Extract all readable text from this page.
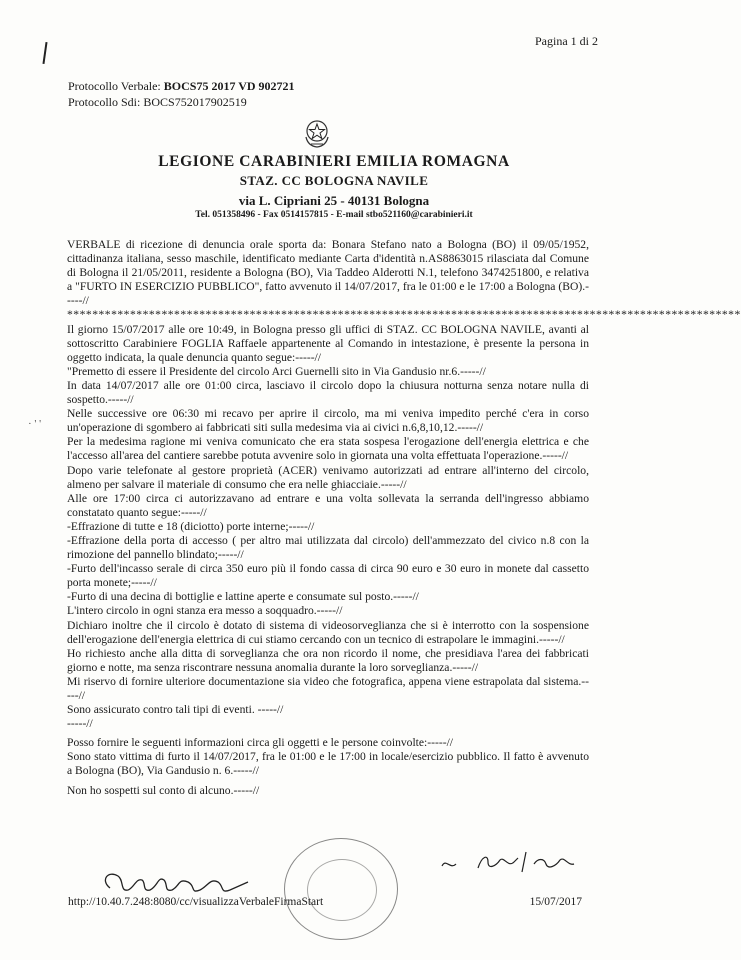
Pagina 1 di 2
Protocollo Verbale: BOCS75 2017 VD 902721
Protocollo Sdi: BOCS752017902519
LEGIONE CARABINIERI EMILIA ROMAGNA
STAZ. CC BOLOGNA NAVILE
via L. Cipriani 25 - 40131 Bologna
Tel. 051358496 - Fax 0514157815 - E-mail stbo521160@carabinieri.it
· ' '

VERBALE di ricezione di denuncia orale sporta da: Bonara Stefano nato a Bologna (BO) il 09/05/1952, cittadinanza italiana, sesso maschile, identificato mediante Carta d'identità n.AS8863015 rilasciata dal Comune di Bologna il 21/05/2011, residente a Bologna (BO), Via Taddeo Alderotti N.1, telefono 3474251800, e relativa a "FURTO IN ESERCIZIO PUBBLICO", fatto avvenuto il 14/07/2017, fra le 01:00 e le 17:00 a Bologna (BO).-----//

***********************************************************************************************************

Il giorno 15/07/2017 alle ore 10:49, in Bologna presso gli uffici di STAZ. CC BOLOGNA NAVILE, avanti al sottoscritto Carabiniere FOGLIA Raffaele appartenente al Comando in intestazione, è presente la persona in oggetto indicata, la quale denuncia quanto segue:-----//

"Premetto di essere il Presidente del circolo Arci Guernelli sito in Via Gandusio nr.6.-----//

In data 14/07/2017 alle ore 01:00 circa, lasciavo il circolo dopo la chiusura notturna senza notare nulla di sospetto.-----//

Nelle successive ore 06:30 mi recavo per aprire il circolo, ma mi veniva impedito perché c'era in corso un'operazione di sgombero ai fabbricati siti sulla medesima via ai civici n.6,8,10,12.-----//

Per la medesima ragione mi veniva comunicato che era stata sospesa l'erogazione dell'energia elettrica e che l'accesso all'area del cantiere sarebbe potuta avvenire solo in giornata una volta effettuata l'operazione.-----//

Dopo varie telefonate al gestore proprietà (ACER) venivamo autorizzati ad entrare all'interno del circolo, almeno per salvare il materiale di consumo che era nelle ghiacciaie.-----//

Alle ore 17:00 circa ci autorizzavano ad entrare e una volta sollevata la serranda dell'ingresso abbiamo constatato quanto segue:-----//

-Effrazione di tutte e 18 (diciotto) porte interne;-----//

-Effrazione della porta di accesso ( per altro mai utilizzata dal circolo) dell'ammezzato del civico n.8 con la rimozione del pannello blindato;-----//

-Furto dell'incasso serale di circa 350 euro più il fondo cassa di circa 90 euro e 30 euro in monete dal cassetto porta monete;-----//

-Furto di una decina di bottiglie e lattine aperte e consumate sul posto.-----//

L'intero circolo in ogni stanza era messo a soqquadro.-----//

Dichiaro inoltre che il circolo è dotato di sistema di videosorveglianza che si è interrotto con la sospensione dell'erogazione dell'energia elettrica di cui stiamo cercando con un tecnico di estrapolare le immagini.-----//

Ho richiesto anche alla ditta di sorveglianza che ora non ricordo il nome, che presidiava l'area dei fabbricati giorno e notte, ma senza riscontrare nessuna anomalia durante la loro sorveglianza.-----//

Mi riservo di fornire ulteriore documentazione sia video che fotografica, appena viene estrapolata dal sistema.-----//

Sono assicurato contro tali tipi di eventi. -----//

-----//

Posso fornire le seguenti informazioni circa gli oggetti e le persone coinvolte:-----//

Sono stato vittima di furto il 14/07/2017, fra le 01:00 e le 17:00 in locale/esercizio pubblico. Il fatto è avvenuto a Bologna (BO), Via Gandusio n. 6.-----//

Non ho sospetti sul conto di alcuno.-----//

http://10.40.7.248:8080/cc/visualizzaVerbaleFirmaStart	15/07/2017
